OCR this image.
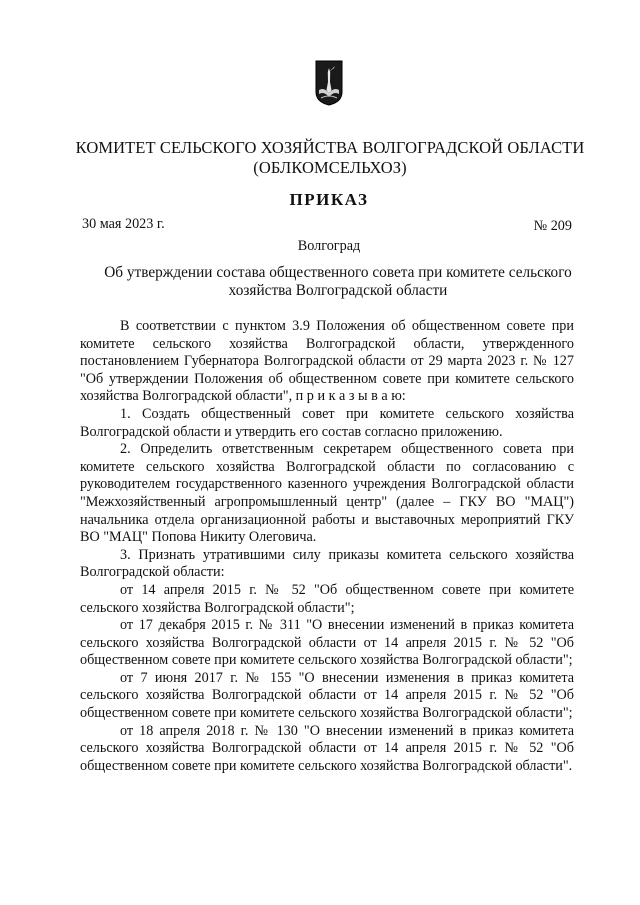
КОМИТЕТ СЕЛЬСКОГО ХОЗЯЙСТВА ВОЛГОГРАДСКОЙ ОБЛАСТИ
(ОБЛКОМСЕЛЬХОЗ)
ПРИКАЗ
30 мая 2023 г.	№ 209
Волгоград
Об утверждении состава общественного совета при комитете сельского
хозяйства Волгоградской области

В соответствии с пунктом 3.9 Положения об общественном совете при комитете сельского хозяйства Волгоградской области, утвержденного постановлением Губернатора Волгоградской области от 29 марта 2023 г. № 127 "Об утверждении Положения об общественном совете при комитете сельского хозяйства Волгоградской области", п р и к а з ы в а ю:

1. Создать общественный совет при комитете сельского хозяйства Волгоградской области и утвердить его состав согласно приложению.

2. Определить ответственным секретарем общественного совета при комитете сельского хозяйства Волгоградской области по согласованию с руководителем государственного казенного учреждения Волгоградской области "Межхозяйственный агропромышленный центр" (далее – ГКУ ВО "МАЦ") начальника отдела организационной работы и выставочных мероприятий ГКУ ВО "МАЦ" Попова Никиту Олеговича.

3. Признать утратившими силу приказы комитета сельского хозяйства Волгоградской области:

от 14 апреля 2015 г. № 52 "Об общественном совете при комитете сельского хозяйства Волгоградской области";

от 17 декабря 2015 г. № 311 "О внесении изменений в приказ комитета сельского хозяйства Волгоградской области от 14 апреля 2015 г. № 52 "Об общественном совете при комитете сельского хозяйства Волгоградской области";

от 7 июня 2017 г. № 155 "О внесении изменения в приказ комитета сельского хозяйства Волгоградской области от 14 апреля 2015 г. № 52 "Об общественном совете при комитете сельского хозяйства Волгоградской области";

от 18 апреля 2018 г. № 130 "О внесении изменений в приказ комитета сельского хозяйства Волгоградской области от 14 апреля 2015 г. № 52 "Об общественном совете при комитете сельского хозяйства Волгоградской области".
